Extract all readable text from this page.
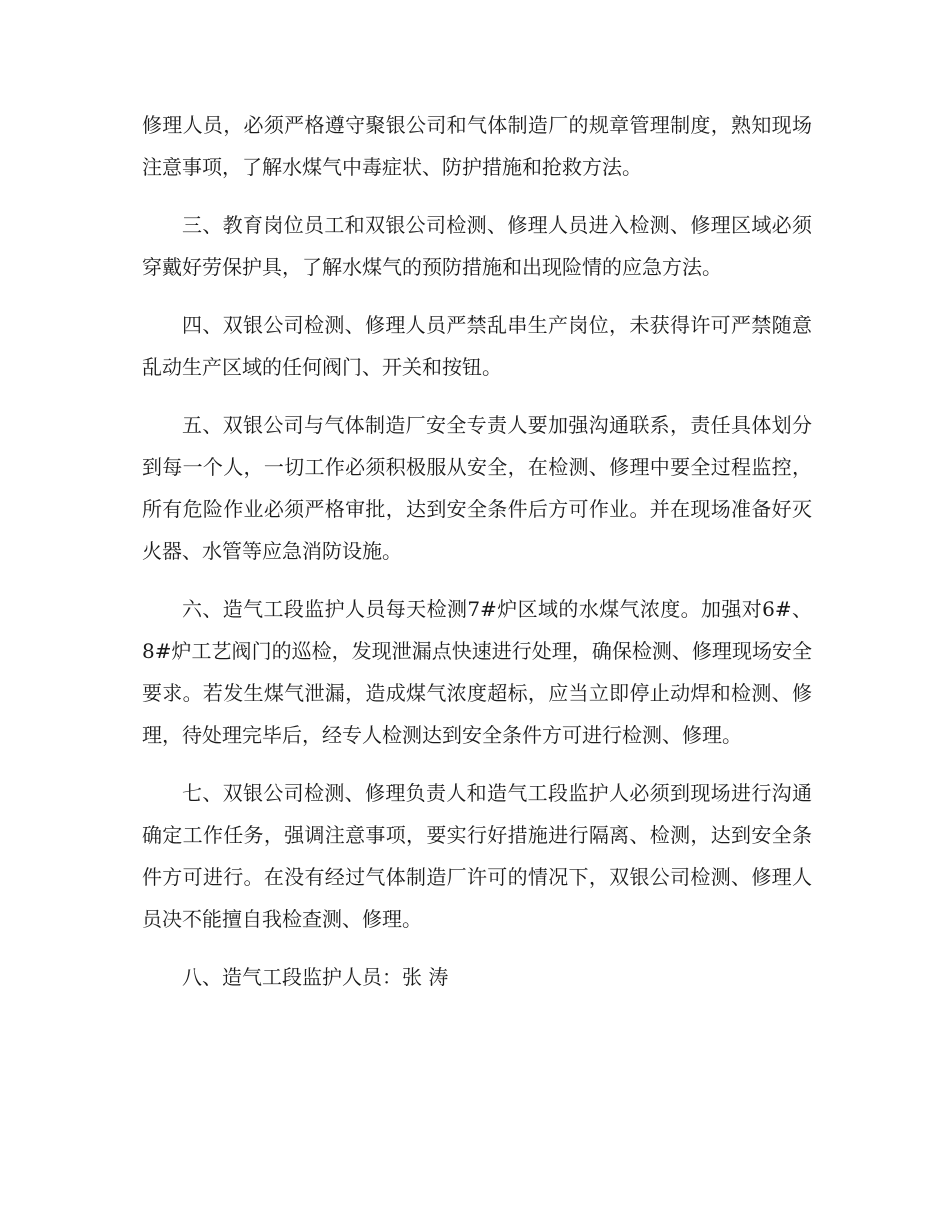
修理人员，必须严格遵守聚银公司和气体制造厂的规章管理制度，熟知现场注意事项，了解水煤气中毒症状、防护措施和抢救方法。

三、教育岗位员工和双银公司检测、修理人员进入检测、修理区域必须穿戴好劳保护具，了解水煤气的预防措施和出现险情的应急方法。

四、双银公司检测、修理人员严禁乱串生产岗位，未获得许可严禁随意乱动生产区域的任何阀门、开关和按钮。

五、双银公司与气体制造厂安全专责人要加强沟通联系，责任具体划分到每一个人，一切工作必须积极服从安全，在检测、修理中要全过程监控，所有危险作业必须严格审批，达到安全条件后方可作业。并在现场准备好灭火器、水管等应急消防设施。

六、造气工段监护人员每天检测7#炉区域的水煤气浓度。加强对6#、8#炉工艺阀门的巡检，发现泄漏点快速进行处理，确保检测、修理现场安全要求。若发生煤气泄漏，造成煤气浓度超标，应当立即停止动焊和检测、修理，待处理完毕后，经专人检测达到安全条件方可进行检测、修理。

七、双银公司检测、修理负责人和造气工段监护人必须到现场进行沟通确定工作任务，强调注意事项，要实行好措施进行隔离、检测，达到安全条件方可进行。在没有经过气体制造厂许可的情况下，双银公司检测、修理人员决不能擅自我检查测、修理。

八、造气工段监护人员：张 涛
